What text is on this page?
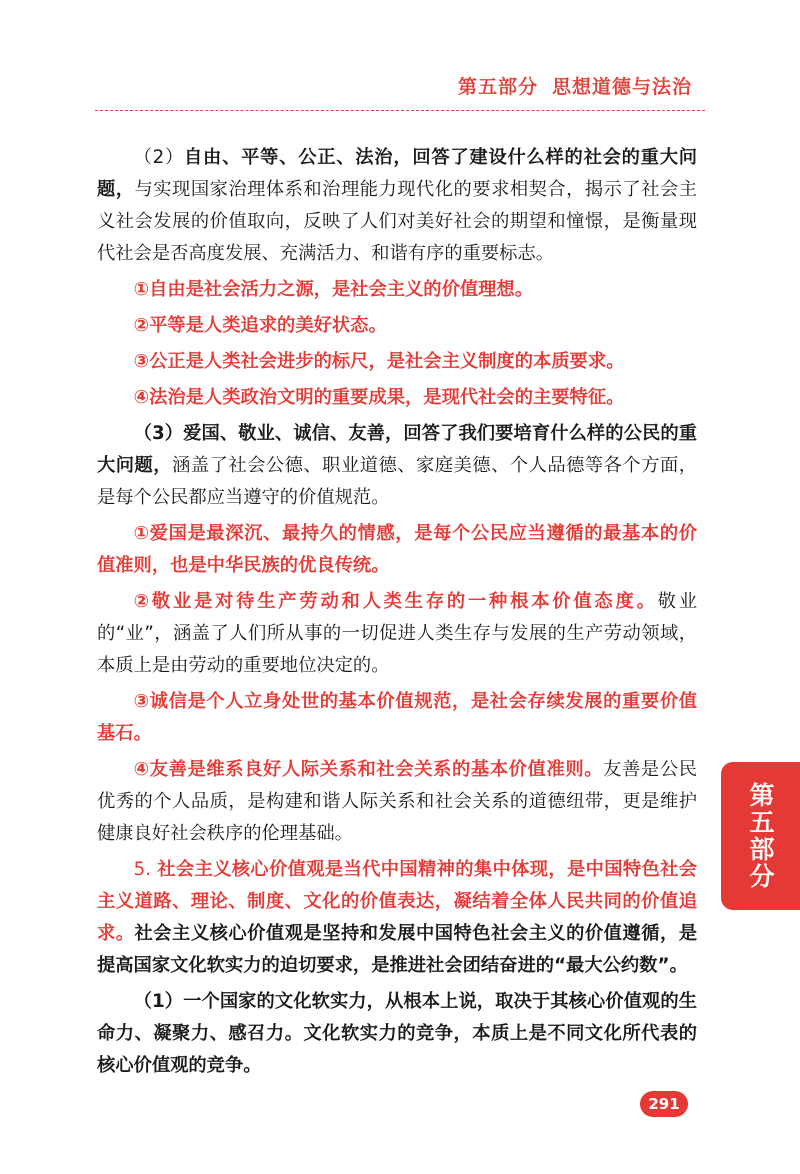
第五部分 思想道德与法治

（2）自由、平等、公正、法治，回答了建设什么样的社会的重大问题，与实现国家治理体系和治理能力现代化的要求相契合，揭示了社会主义社会发展的价值取向，反映了人们对美好社会的期望和憧憬，是衡量现代社会是否高度发展、充满活力、和谐有序的重要标志。

①自由是社会活力之源，是社会主义的价值理想。

②平等是人类追求的美好状态。

③公正是人类社会进步的标尺，是社会主义制度的本质要求。

④法治是人类政治文明的重要成果，是现代社会的主要特征。

（3）爱国、敬业、诚信、友善，回答了我们要培育什么样的公民的重大问题，涵盖了社会公德、职业道德、家庭美德、个人品德等各个方面，是每个公民都应当遵守的价值规范。

①爱国是最深沉、最持久的情感，是每个公民应当遵循的最基本的价值准则，也是中华民族的优良传统。

②敬业是对待生产劳动和人类生存的一种根本价值态度。敬业的“业”，涵盖了人们所从事的一切促进人类生存与发展的生产劳动领域，本质上是由劳动的重要地位决定的。

③诚信是个人立身处世的基本价值规范，是社会存续发展的重要价值基石。

④友善是维系良好人际关系和社会关系的基本价值准则。友善是公民优秀的个人品质，是构建和谐人际关系和社会关系的道德纽带，更是维护健康良好社会秩序的伦理基础。

5. 社会主义核心价值观是当代中国精神的集中体现，是中国特色社会主义道路、理论、制度、文化的价值表达，凝结着全体人民共同的价值追求。社会主义核心价值观是坚持和发展中国特色社会主义的价值遵循，是提高国家文化软实力的迫切要求，是推进社会团结奋进的“最大公约数”。

（1）一个国家的文化软实力，从根本上说，取决于其核心价值观的生命力、凝聚力、感召力。文化软实力的竞争，本质上是不同文化所代表的核心价值观的竞争。

第五部分
291
